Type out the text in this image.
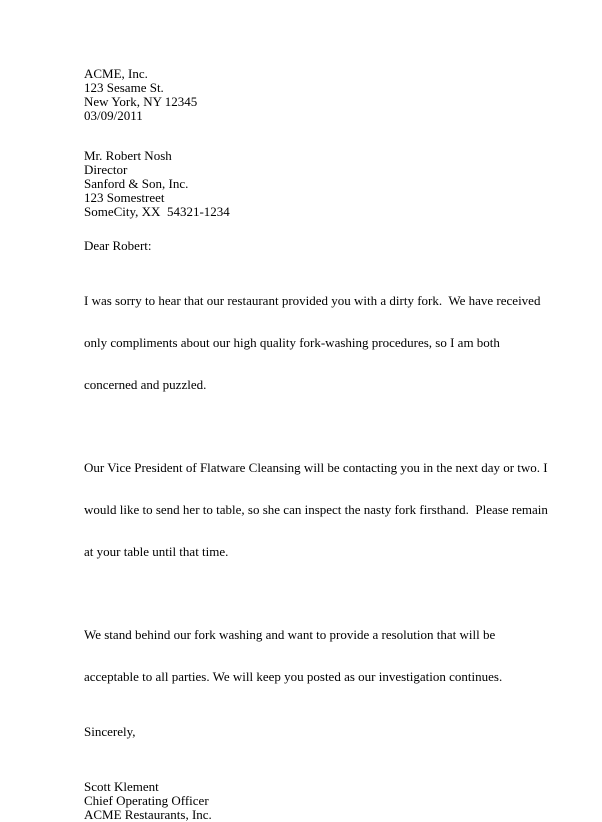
ACME, Inc.
123 Sesame St.
New York, NY 12345
03/09/2011
Mr. Robert Nosh
Director
Sanford & Son, Inc.
123 Somestreet
SomeCity, XX  54321-1234
Dear Robert:

I was sorry to hear that our restaurant provided you with a dirty fork.  We have received

only compliments about our high quality fork-washing procedures, so I am both

concerned and puzzled.

Our Vice President of Flatware Cleansing will be contacting you in the next day or two. I

would like to send her to table, so she can inspect the nasty fork firsthand.  Please remain

at your table until that time.

We stand behind our fork washing and want to provide a resolution that will be

acceptable to all parties. We will keep you posted as our investigation continues.

Sincerely,
Scott Klement
Chief Operating Officer
ACME Restaurants, Inc.
